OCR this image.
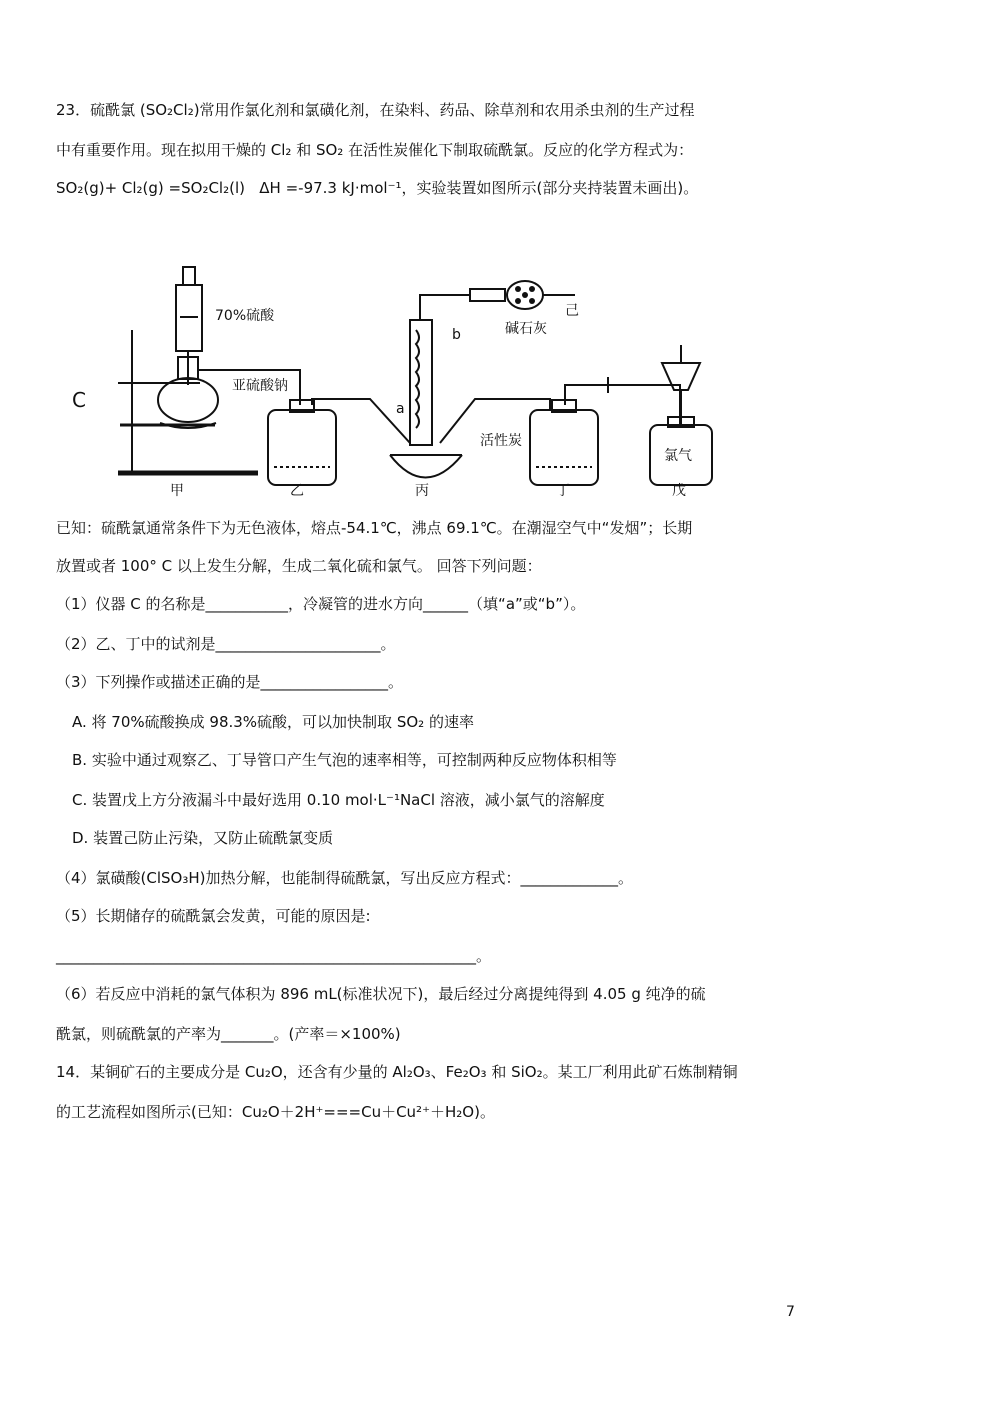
23．硫酰氯 (SO₂Cl₂)常用作氯化剂和氯磺化剂，在染料、药品、除草剂和农用杀虫剂的生产过程
中有重要作用。现在拟用干燥的 Cl₂ 和 SO₂ 在活性炭催化下制取硫酰氯。反应的化学方程式为：
SO₂(g)+ Cl₂(g) =SO₂Cl₂(l)   ΔH =-97.3 kJ·mol⁻¹，实验装置如图所示(部分夹持装置未画出)。
70%硫酸
C
亚硫酸钠
b
a
碱石灰
己
活性炭
氯气
甲	乙	丙	丁	戊
已知：硫酰氯通常条件下为无色液体，熔点-54.1℃，沸点 69.1℃。在潮湿空气中“发烟”；长期
放置或者 100° C 以上发生分解，生成二氧化硫和氯气。 回答下列问题：
（1）仪器 C 的名称是___________，冷凝管的进水方向______（填“a”或“b”）。
（2）乙、丁中的试剂是______________________。
（3）下列操作或描述正确的是_________________。
A. 将 70%硫酸换成 98.3%硫酸，可以加快制取 SO₂ 的速率
B. 实验中通过观察乙、丁导管口产生气泡的速率相等，可控制两种反应物体积相等
C. 装置戊上方分液漏斗中最好选用 0.10 mol·L⁻¹NaCl 溶液，减小氯气的溶解度
D. 装置己防止污染，又防止硫酰氯变质
（4）氯磺酸(ClSO₃H)加热分解，也能制得硫酰氯，写出反应方程式：_____________。
（5）长期储存的硫酰氯会发黄，可能的原因是:
________________________________________________________。
（6）若反应中消耗的氯气体积为 896 mL(标准状况下)，最后经过分离提纯得到 4.05 g 纯净的硫
酰氯，则硫酰氯的产率为_______。(产率＝×100%)
14．某铜矿石的主要成分是 Cu₂O，还含有少量的 Al₂O₃、Fe₂O₃ 和 SiO₂。某工厂利用此矿石炼制精铜
的工艺流程如图所示(已知：Cu₂O＋2H⁺===Cu＋Cu²⁺＋H₂O)。
7
